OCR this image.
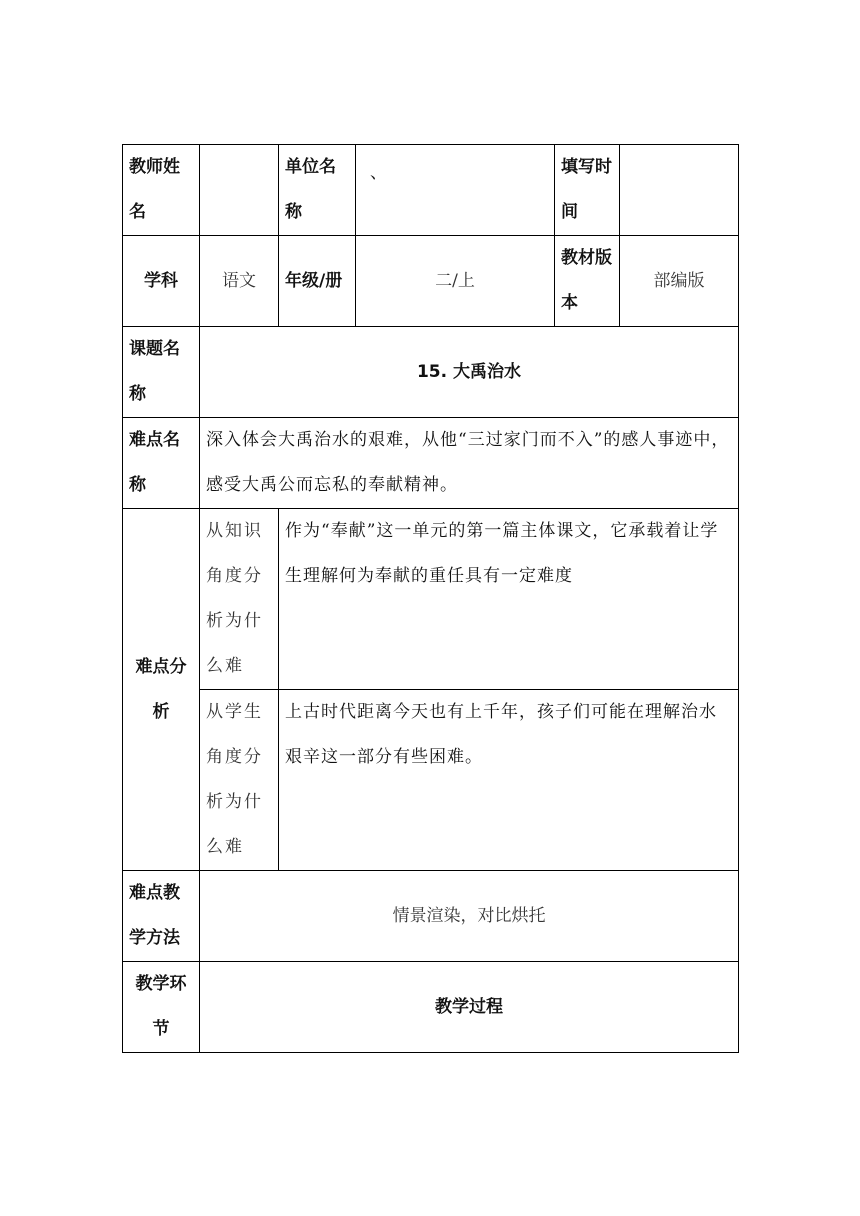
教师姓名		单位名称	、	填写时间	
学科	语文	年级/册	二/上	教材版本	部编版
课题名称	15. 大禹治水				
难点名称	深入体会大禹治水的艰难，从他“三过家门而不入”的感人事迹中，感受大禹公而忘私的奉献精神。				
难点分析	从知识角度分析为什么难	作为“奉献”这一单元的第一篇主体课文，它承载着让学生理解何为奉献的重任具有一定难度			
	从学生角度分析为什么难	上古时代距离今天也有上千年，孩子们可能在理解治水艰辛这一部分有些困难。			
难点教学方法	情景渲染，对比烘托				
教学环节	教学过程				
